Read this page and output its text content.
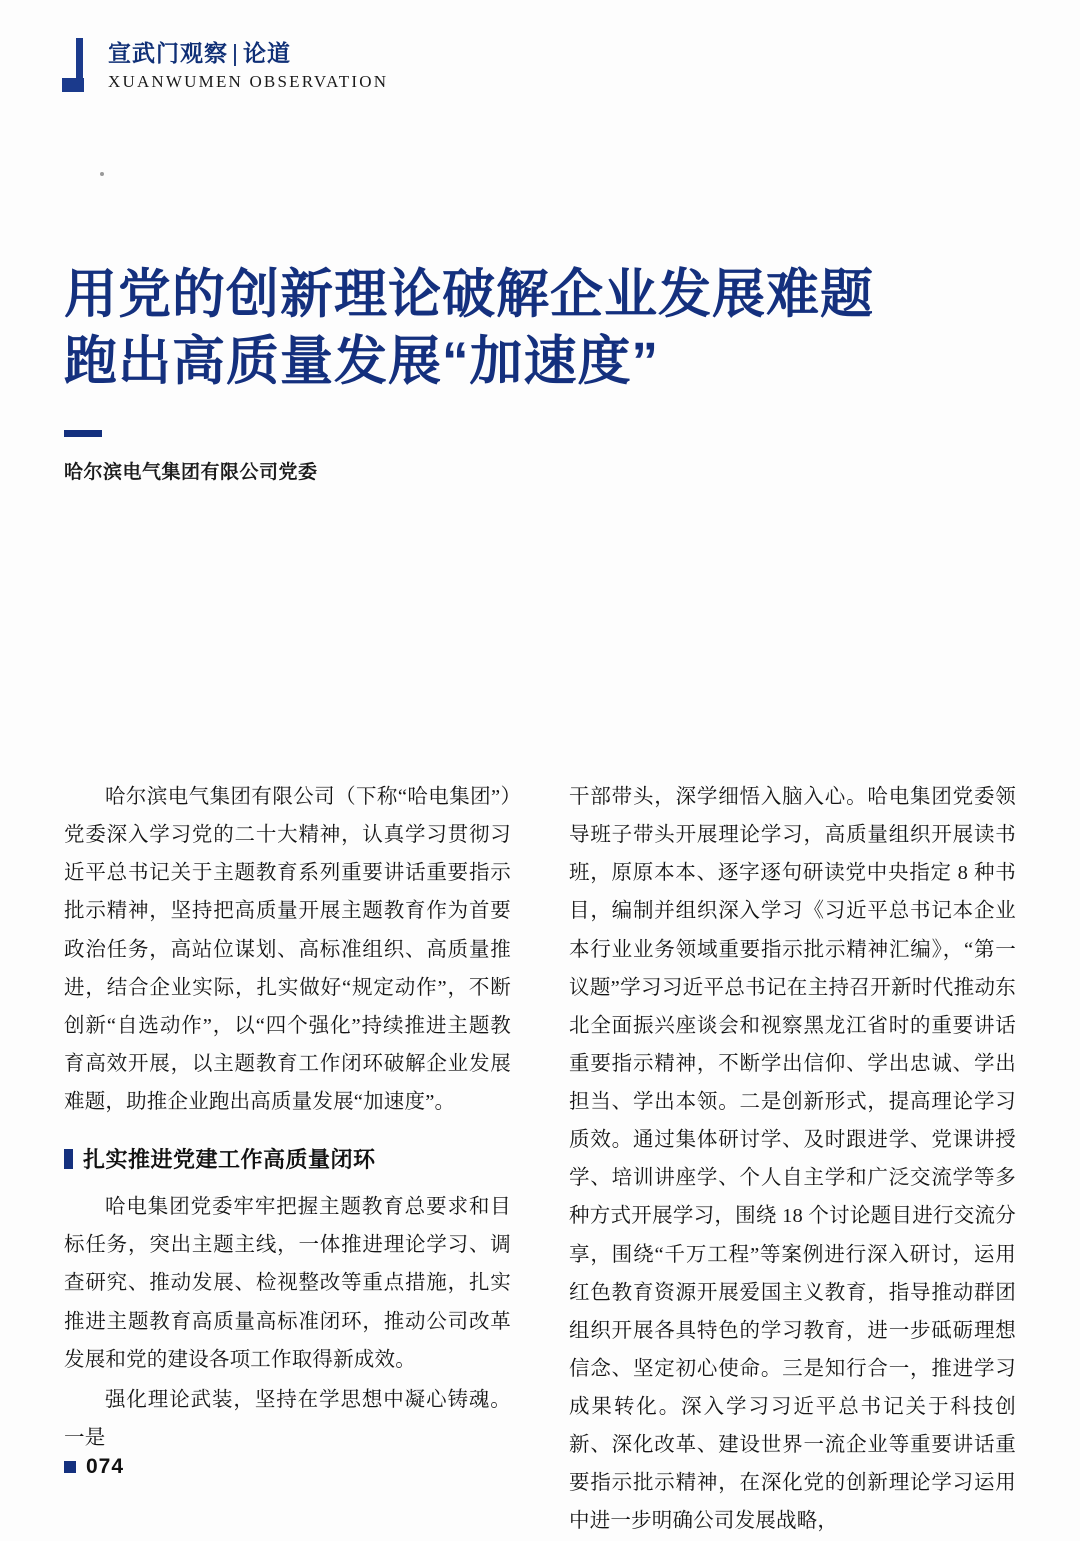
宣武门观察 | 论道
XUANWUMEN OBSERVATION
用党的创新理论破解企业发展难题
跑出高质量发展“加速度”
哈尔滨电气集团有限公司党委

哈尔滨电气集团有限公司（下称“哈电集团”）党委深入学习党的二十大精神，认真学习贯彻习近平总书记关于主题教育系列重要讲话重要指示批示精神，坚持把高质量开展主题教育作为首要政治任务，高站位谋划、高标准组织、高质量推进，结合企业实际，扎实做好“规定动作”，不断创新“自选动作”，以“四个强化”持续推进主题教育高效开展，以主题教育工作闭环破解企业发展难题，助推企业跑出高质量发展“加速度”。

扎实推进党建工作高质量闭环

哈电集团党委牢牢把握主题教育总要求和目标任务，突出主题主线，一体推进理论学习、调查研究、推动发展、检视整改等重点措施，扎实推进主题教育高质量高标准闭环，推动公司改革发展和党的建设各项工作取得新成效。

强化理论武装，坚持在学思想中凝心铸魂。一是

干部带头，深学细悟入脑入心。哈电集团党委领导班子带头开展理论学习，高质量组织开展读书班，原原本本、逐字逐句研读党中央指定 8 种书目，编制并组织深入学习《习近平总书记本企业本行业业务领域重要指示批示精神汇编》，“第一议题”学习习近平总书记在主持召开新时代推动东北全面振兴座谈会和视察黑龙江省时的重要讲话重要指示精神，不断学出信仰、学出忠诚、学出担当、学出本领。二是创新形式，提高理论学习质效。通过集体研讨学、及时跟进学、党课讲授学、培训讲座学、个人自主学和广泛交流学等多种方式开展学习，围绕 18 个讨论题目进行交流分享，围绕“千万工程”等案例进行深入研讨，运用红色教育资源开展爱国主义教育，指导推动群团组织开展各具特色的学习教育，进一步砥砺理想信念、坚定初心使命。三是知行合一，推进学习成果转化。深入学习习近平总书记关于科技创新、深化改革、建设世界一流企业等重要讲话重要指示批示精神，在深化党的创新理论学习运用中进一步明确公司发展战略，

074
